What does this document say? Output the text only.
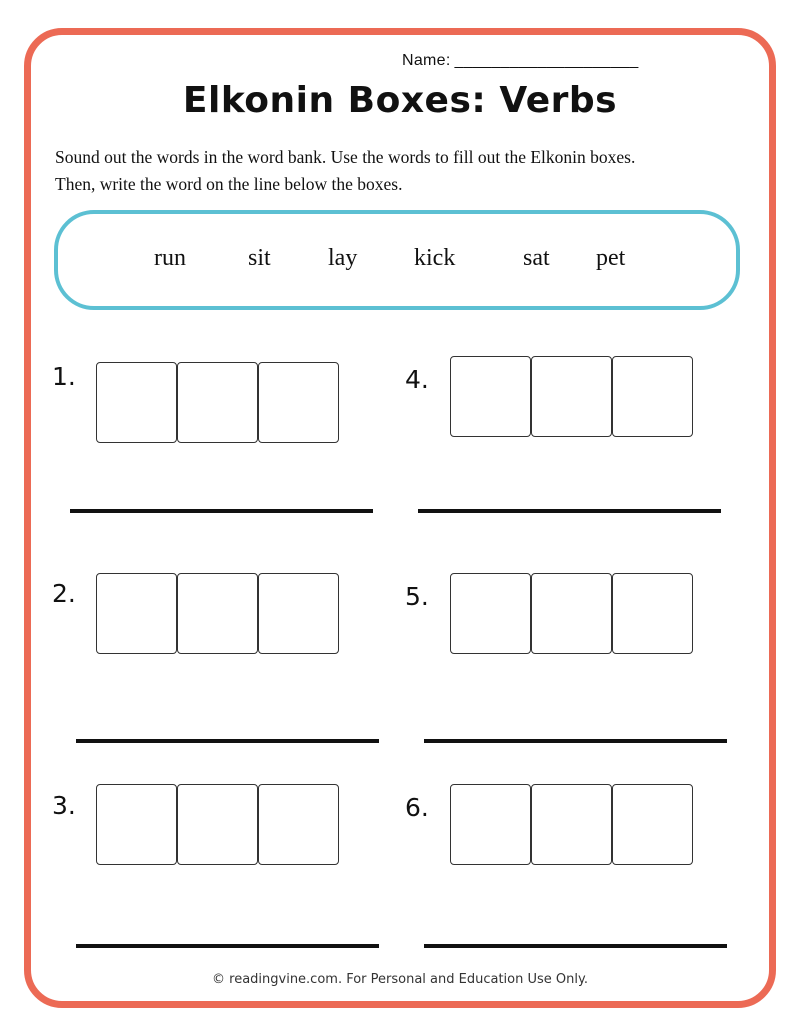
Name: ____________________
Elkonin Boxes: Verbs
Sound out the words in the word bank. Use the words to fill out the Elkonin boxes.
Then, write the word on the line below the boxes.
run	sit lay kick	sat pet
1.	4.
2.	5.
3.	6.
© readingvine.com. For Personal and Education Use Only.
